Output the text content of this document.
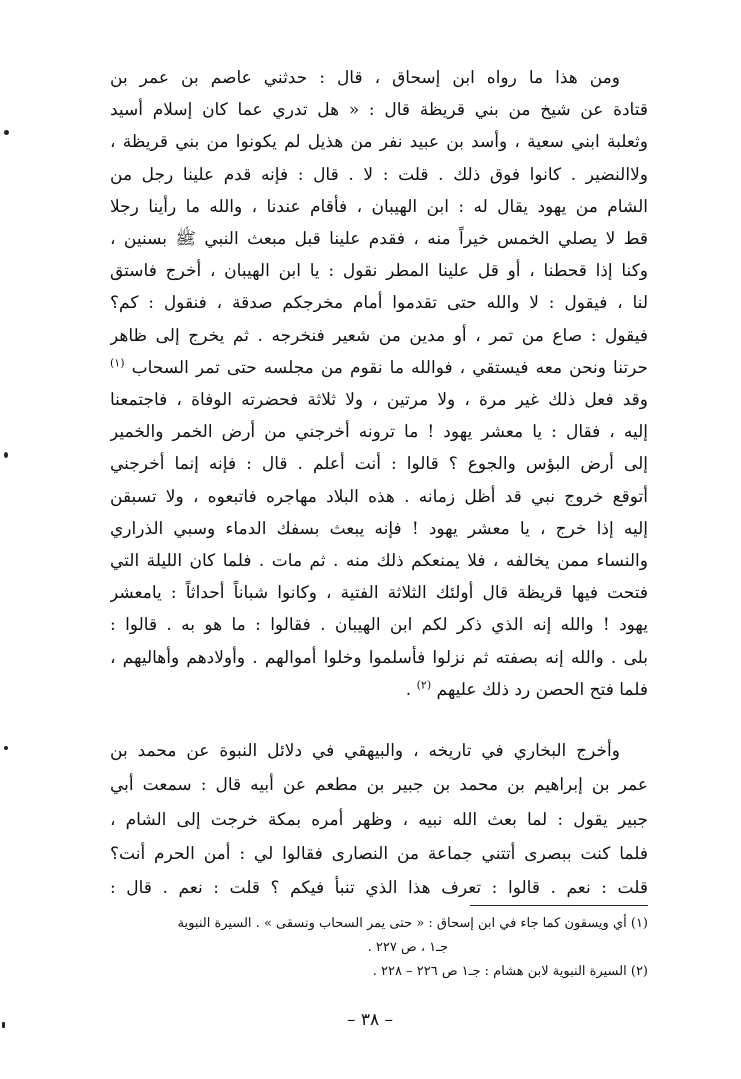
ومن هذا ما رواه ابن إسحاق ، قال : حدثني عاصم بن عمر بن
قتادة عن شيخ من بني قريظة قال : « هل تدري عما كان إسلام أسيد
وثعلبة ابني سعية ، وأسد بن عبيد نفر من هذيل لم يكونوا من بني قريظة ،
ولاالنضير . كانوا فوق ذلك . قلت : لا . قال : فإنه قدم علينا رجل من
الشام من يهود يقال له : ابن الهيبان ، فأقام عندنا ، والله ما رأينا رجلا
قط لا يصلي الخمس خيراً منه ، فقدم علينا قبل مبعث النبي ﷺ بسنين ،
وكنا إذا قحطنا ، أو قل علينا المطر نقول : يا ابن الهيبان ، أخرج فاستق
لنا ، فيقول : لا والله حتى تقدموا أمام مخرجكم صدقة ، فنقول : كم؟
فيقول : صاع من تمر ، أو مدين من شعير فنخرجه . ثم يخرج إلى ظاهر
حرتنا ونحن معه فيستقي ، فوالله ما نقوم من مجلسه حتى تمر السحاب $^{(١)}$
وقد فعل ذلك غير مرة ، ولا مرتين ، ولا ثلاثة فحضرته الوفاة ، فاجتمعنا
إليه ، فقال : يا معشر يهود ! ما ترونه أخرجني من أرض الخمر والخمير
إلى أرض البؤس والجوع ؟ قالوا : أنت أعلم . قال : فإنه إنما أخرجني
أتوقع خروج نبي قد أظل زمانه . هذه البلاد مهاجره فاتبعوه ، ولا تسبقن
إليه إذا خرج ، يا معشر يهود ! فإنه يبعث بسفك الدماء وسبي الذراري
والنساء ممن يخالفه ، فلا يمنعكم ذلك منه . ثم مات . فلما كان الليلة التي
فتحت فيها قريظة قال أولئك الثلاثة الفتية ، وكانوا شباناً أحداثاً : يامعشر
يهود ! والله إنه الذي ذكر لكم ابن الهيبان . فقالوا : ما هو به . قالوا :
بلى . والله إنه بصفته ثم نزلوا فأسلموا وخلوا أموالهم . وأولادهم وأهاليهم ،
فلما فتح الحصن رد ذلك عليهم $^{(٢)}$ .
وأخرج البخاري في تاريخه ، والبيهقي في دلائل النبوة عن محمد بن
عمر بن إبراهيم بن محمد بن جبير بن مطعم عن أبيه قال : سمعت أبي
جبير يقول : لما بعث الله نبيه ، وظهر أمره بمكة خرجت إلى الشام ،
فلما كنت ببصرى أتتني جماعة من النصارى فقالوا لي : أمن الحرم أنت؟
قلت : نعم . قالوا : تعرف هذا الذي تنبأ فيكم ؟ قلت : نعم . قال :
(١) أي ويسقون كما جاء في ابن إسحاق : « حتى يمر السحاب ونسقى » . السيرة النبوية
جـ١ ، ص ٢٢٧ .
(٢) السيرة النبوية لابن هشام : جـ١ ص ٢٢٦ – ٢٢٨ .
– ٣٨ –
